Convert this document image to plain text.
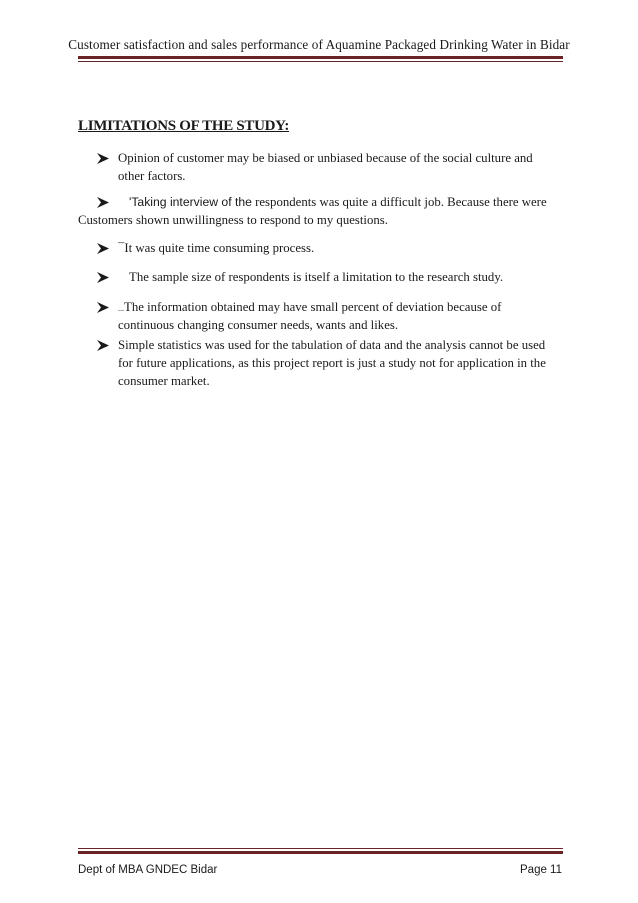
Customer satisfaction and sales performance of Aquamine Packaged Drinking Water in Bidar
LIMITATIONS OF THE STUDY:
Opinion of customer may be biased or unbiased because of the social culture and
other factors.
'Taking interview of the respondents was quite a difficult job. Because there were
Customers shown unwillingness to respond to my questions.
¯It was quite time consuming process.
The sample size of respondents is itself a limitation to the research study.
...The information obtained may have small percent of deviation because of
continuous changing consumer needs, wants and likes.
Simple statistics was used for the tabulation of data and the analysis cannot be used
for future applications, as this project report is just a study not for application in the
consumer market.
Dept of MBA GNDEC Bidar	Page 11
